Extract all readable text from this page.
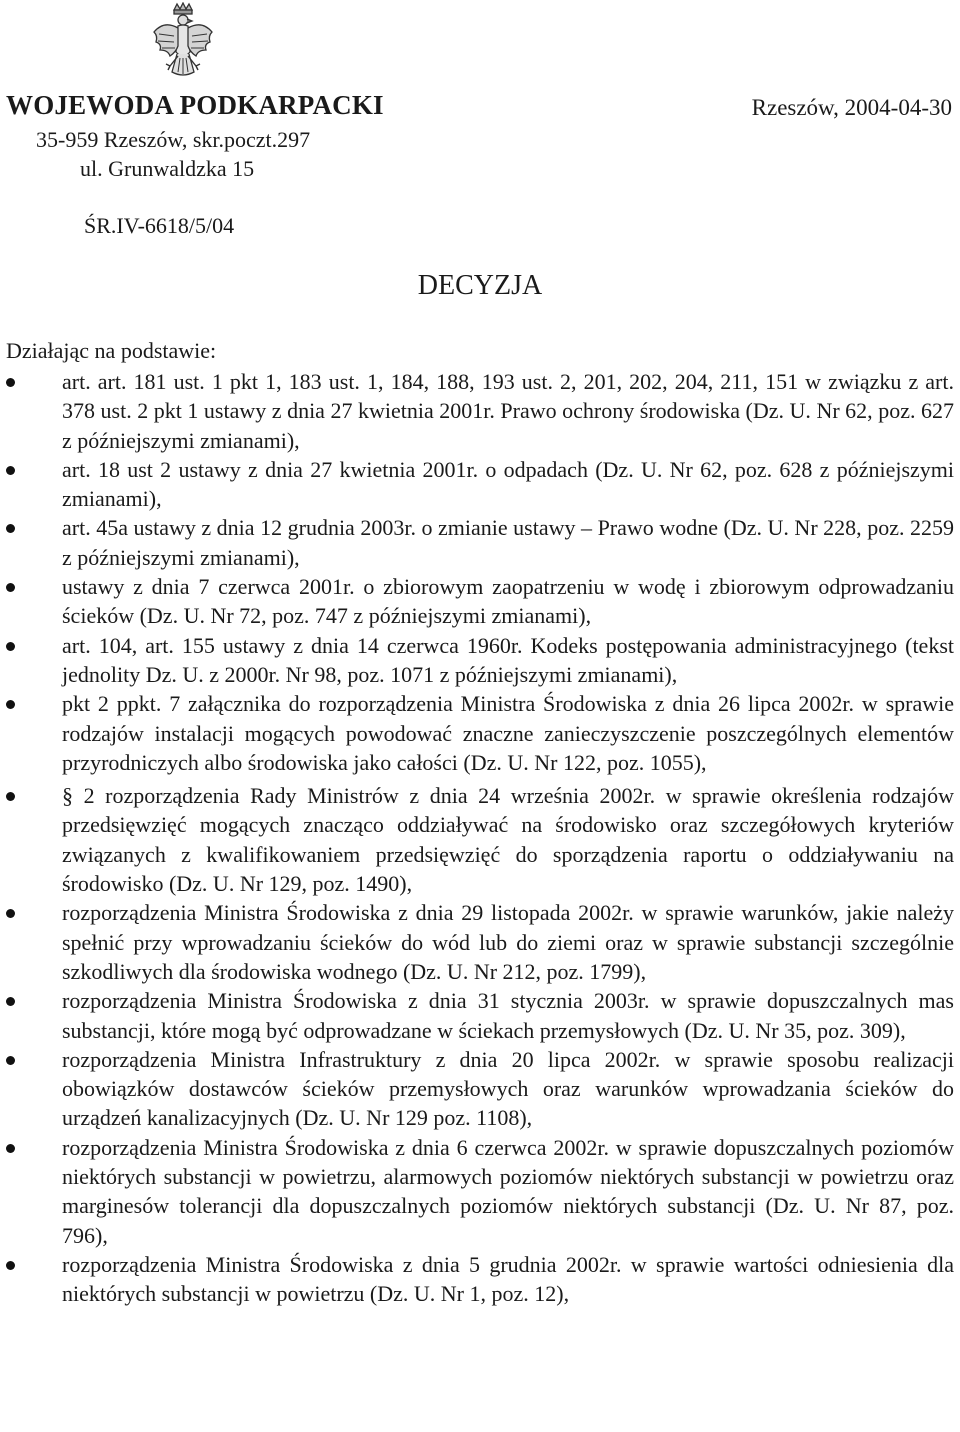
WOJEWODA PODKARPACKI	Rzeszów, 2004-04-30
35-959 Rzeszów, skr.poczt.297
ul. Grunwaldzka 15
ŚR.IV-6618/5/04
DECYZJA
Działając na podstawie:
art. art. 181 ust. 1 pkt 1, 183 ust. 1, 184, 188, 193 ust. 2, 201, 202, 204, 211, 151 w związku z art. 378 ust. 2 pkt 1 ustawy z dnia 27 kwietnia 2001r. Prawo ochrony środowiska (Dz. U. Nr 62, poz. 627 z późniejszymi zmianami),
art. 18 ust 2 ustawy z dnia 27 kwietnia 2001r. o odpadach (Dz. U. Nr 62, poz. 628 z późniejszymi zmianami),
art. 45a ustawy z dnia 12 grudnia 2003r. o zmianie ustawy – Prawo wodne (Dz. U. Nr 228, poz. 2259 z późniejszymi zmianami),
ustawy z dnia 7 czerwca 2001r. o zbiorowym zaopatrzeniu w wodę i zbiorowym odprowadzaniu ścieków (Dz. U. Nr 72, poz. 747 z późniejszymi zmianami),
art. 104, art. 155 ustawy z dnia 14 czerwca 1960r. Kodeks postępowania administracyjnego (tekst jednolity Dz. U. z 2000r. Nr 98, poz. 1071 z późniejszymi zmianami),
pkt 2 ppkt. 7 załącznika do rozporządzenia Ministra Środowiska z dnia 26 lipca 2002r. w sprawie rodzajów instalacji mogących powodować znaczne zanieczyszczenie poszczególnych elementów przyrodniczych albo środowiska jako całości (Dz. U. Nr 122, poz. 1055),
§ 2 rozporządzenia Rady Ministrów z dnia 24 września 2002r. w sprawie określenia rodzajów przedsięwzięć mogących znacząco oddziaływać na środowisko oraz szczegółowych kryteriów związanych z kwalifikowaniem przedsięwzięć do sporządzenia raportu o oddziaływaniu na środowisko (Dz. U. Nr 129, poz. 1490),
rozporządzenia Ministra Środowiska z dnia 29 listopada 2002r. w sprawie warunków, jakie należy spełnić przy wprowadzaniu ścieków do wód lub do ziemi oraz w sprawie substancji szczególnie szkodliwych dla środowiska wodnego (Dz. U. Nr 212, poz. 1799),
rozporządzenia Ministra Środowiska z dnia 31 stycznia 2003r. w sprawie dopuszczalnych mas substancji, które mogą być odprowadzane w ściekach przemysłowych (Dz. U. Nr 35, poz. 309),
rozporządzenia Ministra Infrastruktury z dnia 20 lipca 2002r. w sprawie sposobu realizacji obowiązków dostawców ścieków przemysłowych oraz warunków wprowadzania ścieków do urządzeń kanalizacyjnych (Dz. U. Nr 129 poz. 1108),
rozporządzenia Ministra Środowiska z dnia 6 czerwca 2002r. w sprawie dopuszczalnych poziomów niektórych substancji w powietrzu, alarmowych poziomów niektórych substancji w powietrzu oraz marginesów tolerancji dla dopuszczalnych poziomów niektórych substancji (Dz. U. Nr 87, poz. 796),
rozporządzenia Ministra Środowiska z dnia 5 grudnia 2002r. w sprawie wartości odniesienia dla niektórych substancji w powietrzu (Dz. U. Nr 1, poz. 12),
